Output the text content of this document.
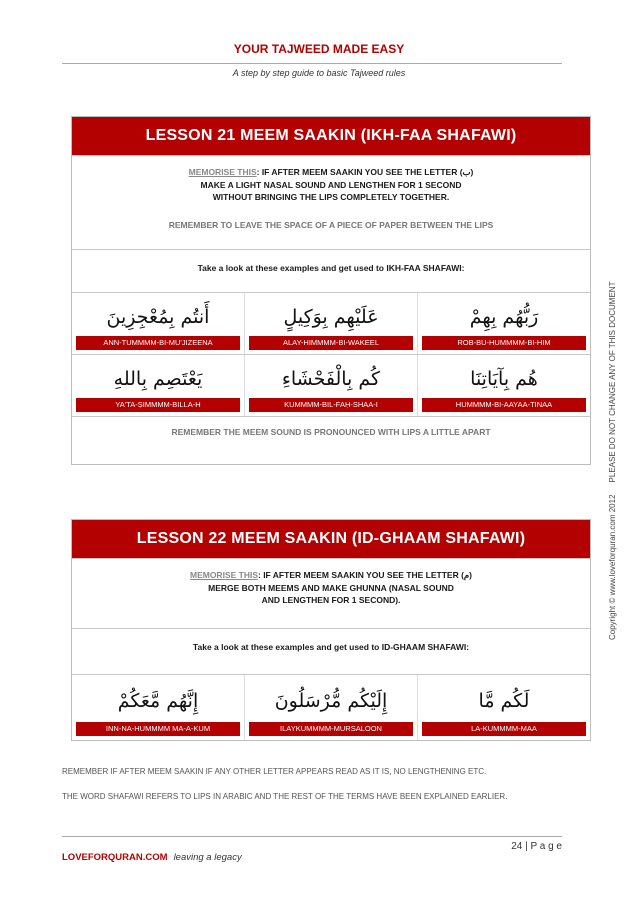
YOUR TAJWEED MADE EASY
A step by step guide to basic Tajweed rules
LESSON 21 MEEM SAAKIN (IKH-FAA SHAFAWI)
MEMORISE THIS: IF AFTER MEEM SAAKIN YOU SEE THE LETTER (ب)
MAKE A LIGHT NASAL SOUND AND LENGTHEN FOR 1 SECOND
WITHOUT BRINGING THE LIPS COMPLETELY TOGETHER.
REMEMBER TO LEAVE THE SPACE OF A PIECE OF PAPER BETWEEN THE LIPS
Take a look at these examples and get used to IKH-FAA SHAFAWI:
أَنتُم بِمُعْجِزِينَ
ANN-TUMMMM-BI-MU'JIZEENA
عَلَيْهِم بِوَكِيلٍ
ALAY-HIMMMM-BI-WAKEEL
رَبُّهُم بِهِمْ
ROB-BU-HUMMMM-BI-HIM
يَعْتَصِم بِاللهِ
YA'TA-ṢIMMMM-BILLA-H
كُم بِالْفَحْشَاءِ
KUMMMM-BIL-FAḤ-SHAA-I
هُم بِآيَاتِنَا
HUMMMM-BI-AAYAA-TINAA
REMEMBER THE MEEM SOUND IS PRONOUNCED WITH LIPS A LITTLE APART
LESSON 22 MEEM SAAKIN (ID-GHAAM SHAFAWI)
MEMORISE THIS: IF AFTER MEEM SAAKIN YOU SEE THE LETTER (م)
MERGE BOTH MEEMS AND MAKE GHUNNA (NASAL SOUND
AND LENGTHEN FOR 1 SECOND).
Take a look at these examples and get used to ID-GHAAM SHAFAWI:
إِنَّهُم مَّعَكُمْ
INN-NA-HUMMMM MA-A-KUM
إِلَيْكُم مُّرْسَلُونَ
ILAYKUMMMM-MURSALOON
لَكُم مَّا
LA-KUMMMM-MAA
REMEMBER IF AFTER MEEM SAAKIN IF ANY OTHER LETTER APPEARS READ AS IT IS, NO LENGTHENING ETC.
THE WORD SHAFAWI REFERS TO LIPS IN ARABIC AND THE REST OF THE TERMS HAVE BEEN EXPLAINED EARLIER.
24 | P a g e
LOVEFORQURAN.COM leaving a legacy
Copyright © www.loveforquran.com 2012PLEASE DO NOT CHANGE ANY OF THIS DOCUMENT
